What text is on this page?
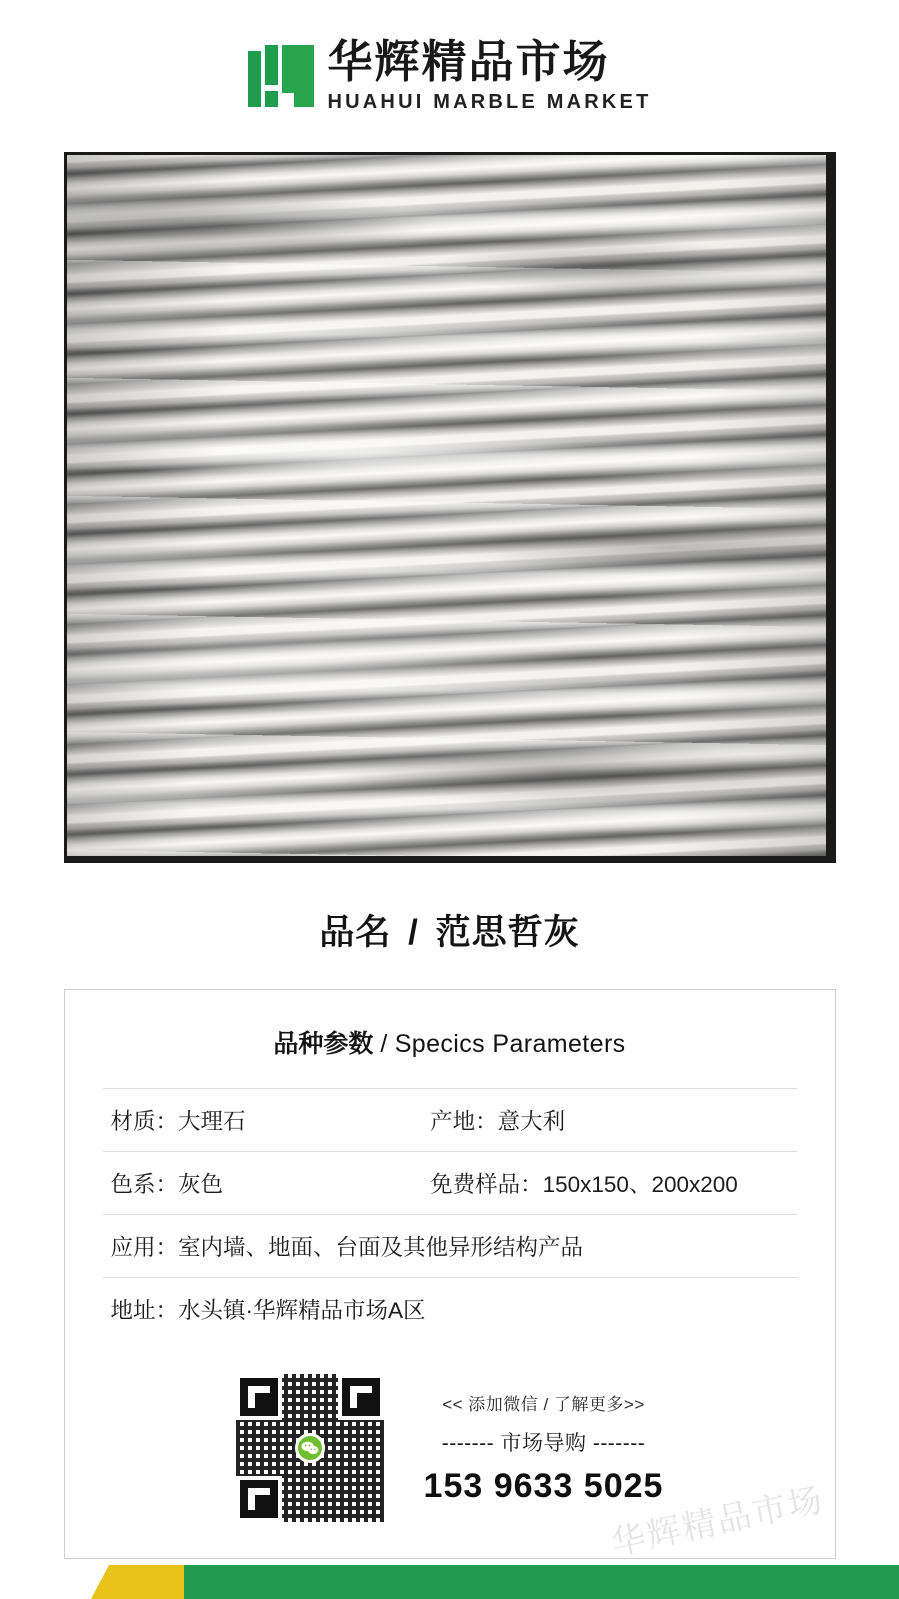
华辉精品市场
HUAHUI MARBLE MARKET
品名 / 范思哲灰
品种参数 / Specics Parameters
材质：大理石	产地：意大利
色系：灰色	免费样品：150x150、200x200
应用：室内墙、地面、台面及其他异形结构产品
地址：水头镇·华辉精品市场A区
<< 添加微信 / 了解更多>>
------- 市场导购 -------
153 9633 5025
华辉精品市场
